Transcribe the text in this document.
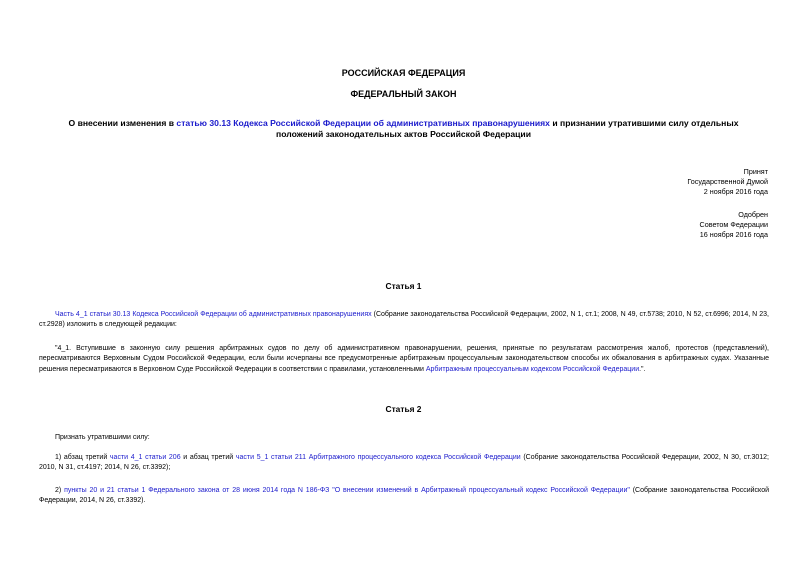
РОССИЙСКАЯ ФЕДЕРАЦИЯ
ФЕДЕРАЛЬНЫЙ ЗАКОН
О внесении изменения в статью 30.13 Кодекса Российской Федерации об административных правонарушениях и признании утратившими силу отдельных положений законодательных актов Российской Федерации
Принят
Государственной Думой
2 ноября 2016 года
Одобрен
Советом Федерации
16 ноября 2016 года
Статья 1
Часть 4_1 статьи 30.13 Кодекса Российской Федерации об административных правонарушениях (Собрание законодательства Российской Федерации, 2002, N 1, ст.1; 2008, N 49, ст.5738; 2010, N 52, ст.6996; 2014, N 23, ст.2928) изложить в следующей редакции:
"4_1. Вступившие в законную силу решения арбитражных судов по делу об административном правонарушении, решения, принятые по результатам рассмотрения жалоб, протестов (представлений), пересматриваются Верховным Судом Российской Федерации, если были исчерпаны все предусмотренные арбитражным процессуальным законодательством способы их обжалования в арбитражных судах. Указанные решения пересматриваются в Верховном Суде Российской Федерации в соответствии с правилами, установленными Арбитражным процессуальным кодексом Российской Федерации.".
Статья 2
Признать утратившими силу:
1) абзац третий части 4_1 статьи 206 и абзац третий части 5_1 статьи 211 Арбитражного процессуального кодекса Российской Федерации (Собрание законодательства Российской Федерации, 2002, N 30, ст.3012; 2010, N 31, ст.4197; 2014, N 26, ст.3392);
2) пункты 20 и 21 статьи 1 Федерального закона от 28 июня 2014 года N 186-ФЗ "О внесении изменений в Арбитражный процессуальный кодекс Российской Федерации" (Собрание законодательства Российской Федерации, 2014, N 26, ст.3392).
